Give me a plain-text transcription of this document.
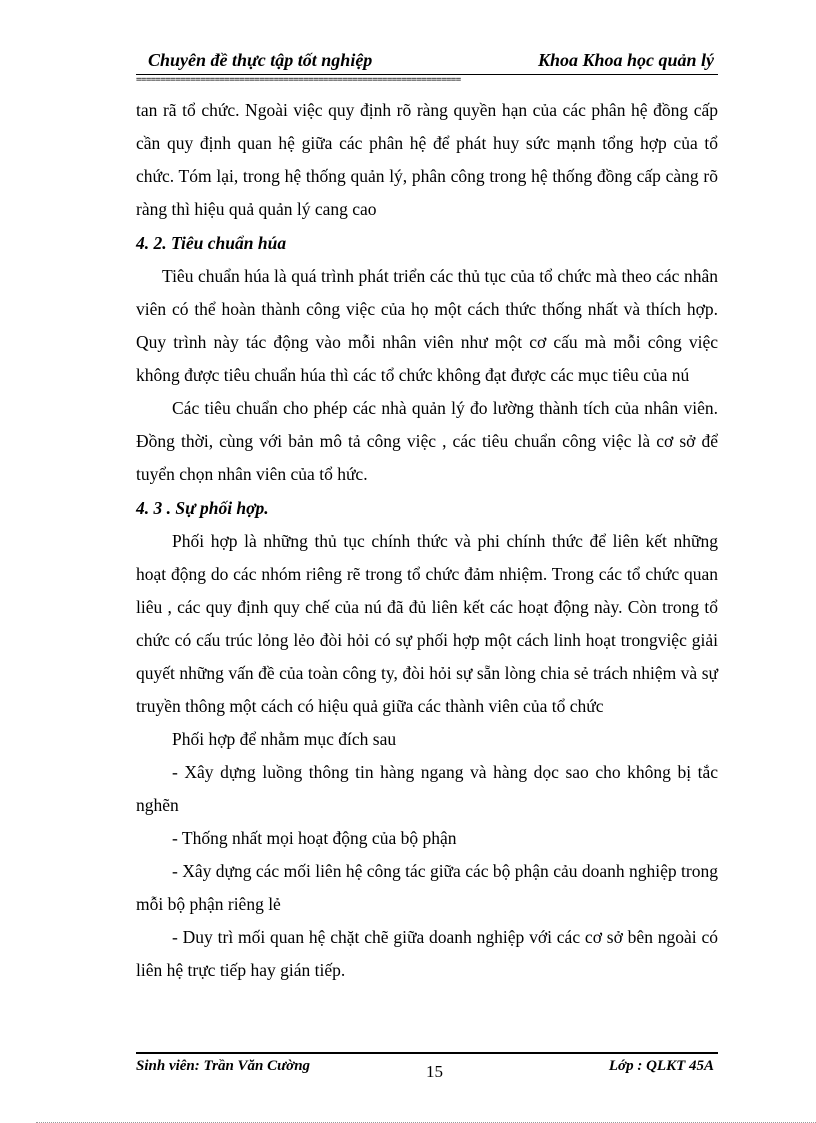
Chuyên đề thực tập tốt nghiệp	Khoa Khoa học quản lý
==================================================================

tan rã tổ chức. Ngoài việc quy định rõ ràng quyền hạn của các phân hệ đồng cấp cần quy định quan hệ giữa các phân hệ để phát huy sức mạnh tổng hợp của tổ chức. Tóm lại, trong hệ thống quản lý, phân công trong hệ thống đồng cấp càng rõ ràng thì hiệu quả quản lý cang cao

4. 2. Tiêu chuẩn húa

Tiêu chuẩn húa là quá trình phát triển các thủ tục của tổ chức mà theo các nhân viên có thể hoàn thành công việc của họ một cách thức thống nhất và thích hợp. Quy trình này tác động vào mỗi nhân viên như một cơ cấu mà mỗi công việc không được tiêu chuẩn húa thì các tổ chức không đạt được các mục tiêu của nú

Các tiêu chuẩn cho phép các nhà quản lý đo lường thành tích của nhân viên. Đồng thời, cùng với bản mô tả công việc , các tiêu chuẩn công việc là cơ sở để tuyển chọn nhân viên của tổ hức.

4. 3 . Sự phối hợp.

Phối hợp là những thủ tục chính thức và phi chính thức để liên kết những hoạt động do các nhóm riêng rẽ trong tổ chức đảm nhiệm. Trong các tổ chức quan liêu , các quy định quy chế của nú đã đủ liên kết các hoạt động này. Còn trong tổ chức có cấu trúc lỏng lẻo đòi hỏi có sự phối hợp một cách linh hoạt trongviệc giải quyết những vấn đề của toàn công ty, đòi hỏi sự sẵn lòng chia sẻ trách nhiệm và sự truyền thông một cách có hiệu quả giữa các thành viên của tổ chức

Phối hợp để nhằm mục đích sau

- Xây dựng luồng thông tin hàng ngang và hàng dọc sao cho không bị tắc nghẽn

- Thống nhất mọi hoạt động của bộ phận

- Xây dựng các mối liên hệ công tác giữa các bộ phận cảu doanh nghiệp trong mỗi bộ phận riêng lẻ

- Duy trì mối quan hệ chặt chẽ giữa doanh nghiệp với các cơ sở bên ngoài có liên hệ trực tiếp hay gián tiếp.

Sinh viên: Trần Văn Cường	15	Lớp : QLKT 45A
